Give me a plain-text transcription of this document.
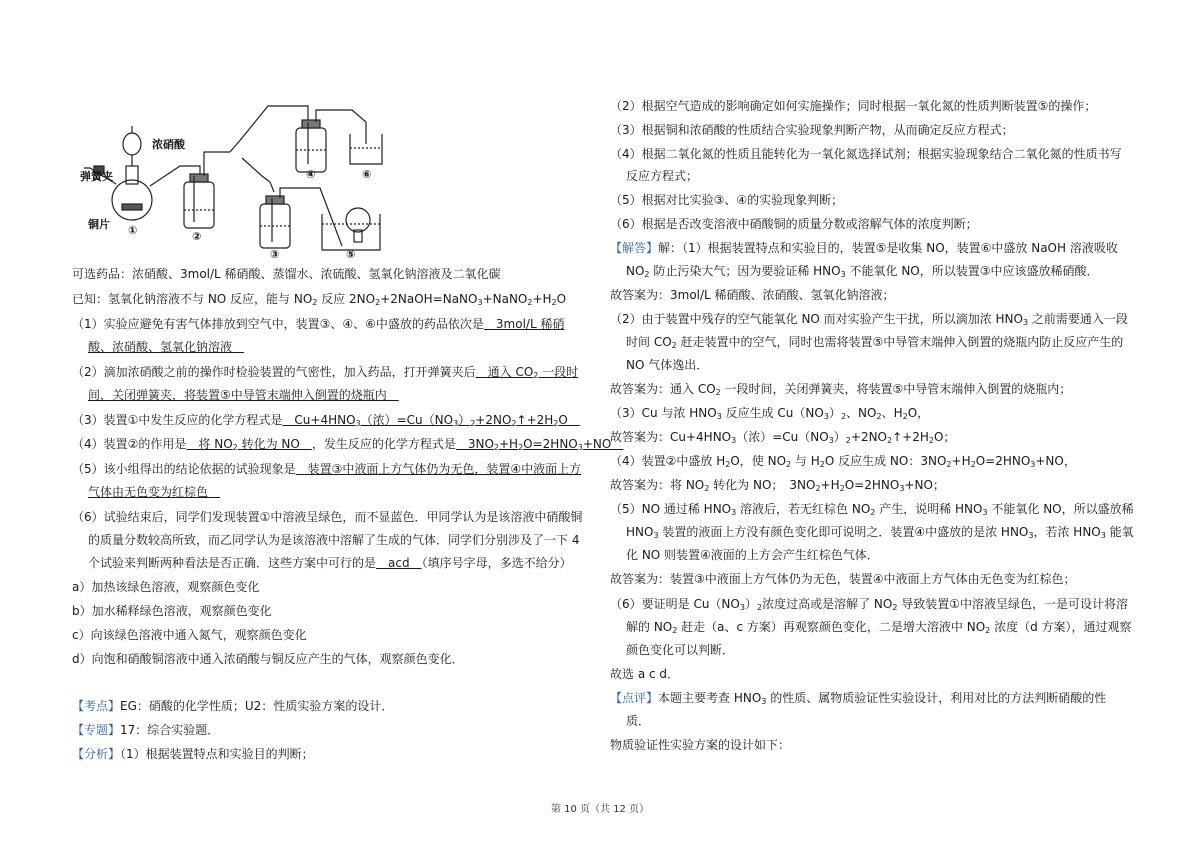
浓硝酸
弹簧夹
铜片 ①	②
③
④	⑥
⑤
可选药品：浓硝酸、3mol/L 稀硝酸、蒸馏水、浓硫酸、氢氧化钠溶液及二氧化碳
已知：氢氧化钠溶液不与 NO 反应，能与 $NO_2$ 反应 $2NO_2+2NaOH=NaNO_3+NaNO_2+H_2O$
（1）实验应避免有害气体排放到空气中，装置③、④、⑥中盛放的药品依次是　3mol/L 稀硝
酸、浓硝酸、氢氧化钠溶液　
（2）滴加浓硝酸之前的操作时检验装置的气密性，加入药品，打开弹簧夹后　通入 $CO_2$ 一段时
间，关闭弹簧夹，将装置⑤中导管末端伸入倒置的烧瓶内　
（3）装置①中发生反应的化学方程式是　$Cu+4HNO_3$（浓）$=Cu(NO_3)_2+2NO_2↑+2H_2O$　
（4）装置②的作用是　将 $NO_2$ 转化为 NO　，发生反应的化学方程式是　$3NO_2+H_2O=2HNO_3+NO$　
（5）该小组得出的结论依据的试验现象是　装置③中液面上方气体仍为无色，装置④中液面上方
气体由无色变为红棕色　
（6）试验结束后，同学们发现装置①中溶液呈绿色，而不显蓝色．甲同学认为是该溶液中硝酸铜
的质量分数较高所致，而乙同学认为是该溶液中溶解了生成的气体．同学们分别涉及了一下 4
个试验来判断两种看法是否正确．这些方案中可行的是　acd　（填序号字母，多选不给分）
a）加热该绿色溶液，观察颜色变化
b）加水稀释绿色溶液，观察颜色变化
c）向该绿色溶液中通入氮气，观察颜色变化
d）向饱和硝酸铜溶液中通入浓硝酸与铜反应产生的气体，观察颜色变化．
【考点】EG：硝酸的化学性质；U2：性质实验方案的设计．
【专题】17：综合实验题．
【分析】（1）根据装置特点和实验目的判断；
（2）根据空气造成的影响确定如何实施操作；同时根据一氧化氮的性质判断装置⑤的操作；
（3）根据铜和浓硝酸的性质结合实验现象判断产物，从而确定反应方程式；
（4）根据二氧化氮的性质且能转化为一氧化氮选择试剂；根据实验现象结合二氧化氮的性质书写
反应方程式；
（5）根据对比实验③、④的实验现象判断；
（6）根据是否改变溶液中硝酸铜的质量分数或溶解气体的浓度判断；
【解答】解：（1）根据装置特点和实验目的，装置⑤是收集 NO，装置⑥中盛放 NaOH 溶液吸收
$NO_2$ 防止污染大气；因为要验证稀 $HNO_3$ 不能氧化 NO，所以装置③中应该盛放稀硝酸．
故答案为：3mol/L 稀硝酸、浓硝酸、氢氧化钠溶液；
（2）由于装置中残存的空气能氧化 NO 而对实验产生干扰，所以滴加浓 $HNO_3$ 之前需要通入一段
时间 $CO_2$ 赶走装置中的空气，同时也需将装置⑤中导管末端伸入倒置的烧瓶内防止反应产生的
NO 气体逸出．
故答案为：通入 $CO_2$ 一段时间，关闭弹簧夹，将装置⑤中导管末端伸入倒置的烧瓶内；
（3）Cu 与浓 $HNO_3$ 反应生成 $Cu(NO_3)_2$、$NO_2$、$H_2O$，
故答案为：$Cu+4HNO_3$（浓）$=Cu(NO_3)_2+2NO_2↑+2H_2O$；
（4）装置②中盛放 $H_2O$，使 $NO_2$ 与 $H_2O$ 反应生成 NO：$3NO_2+H_2O=2HNO_3+NO$，
故答案为：将 $NO_2$ 转化为 NO；　$3NO_2+H_2O=2HNO_3+NO$；
（5）NO 通过稀 $HNO_3$ 溶液后，若无红棕色 $NO_2$ 产生，说明稀 $HNO_3$ 不能氧化 NO，所以盛放稀
$HNO_3$ 装置的液面上方没有颜色变化即可说明之．装置④中盛放的是浓 $HNO_3$，若浓 $HNO_3$ 能氧
化 NO 则装置④液面的上方会产生红棕色气体．
故答案为：装置③中液面上方气体仍为无色，装置④中液面上方气体由无色变为红棕色；
（6）要证明是 $Cu(NO_3)_2$浓度过高或是溶解了 $NO_2$ 导致装置①中溶液呈绿色，一是可设计将溶
解的 $NO_2$ 赶走（a、c 方案）再观察颜色变化，二是增大溶液中 $NO_2$ 浓度（d 方案），通过观察
颜色变化可以判断．
故选 a c d．
【点评】本题主要考查 $HNO_3$ 的性质、属物质验证性实验设计，利用对比的方法判断硝酸的性
质．
物质验证性实验方案的设计如下：
第 10 页（共 12 页）
